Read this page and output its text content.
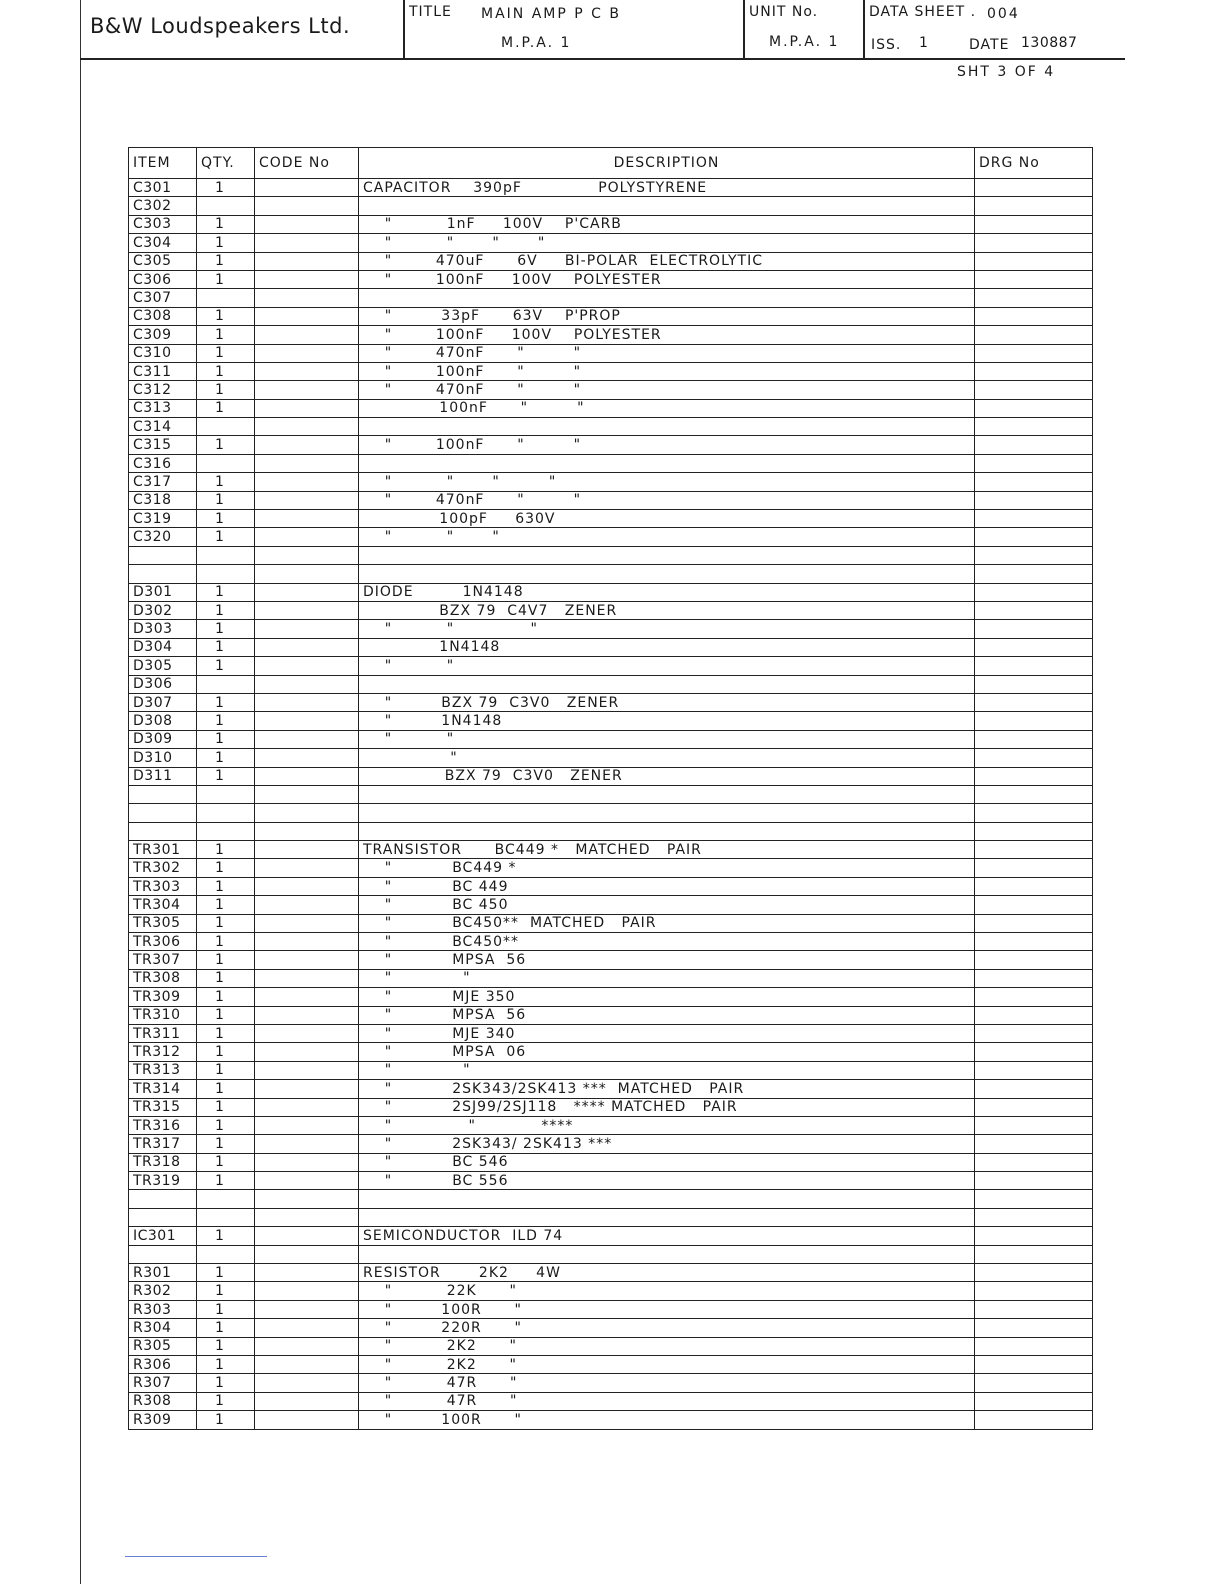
B&W Loudspeakers Ltd.
TITLE MAIN AMP P C B
M.P.A. 1
UNIT No.
M.P.A. 1
DATA SHEET . 004
ISS. 1	DATE 130887
SHT 3 OF 4
ITEM	QTY.	CODE No	DESCRIPTION	DRG No
C301	1		CAPACITOR    390pF              POLYSTYRENE	
C302				
C303	1		"          1nF     100V    P'CARB	
C304	1		"          "       "       "	
C305	1		"        470uF      6V     BI-POLAR  ELECTROLYTIC	
C306	1		"        100nF     100V    POLYESTER	
C307				
C308	1		"         33pF      63V    P'PROP	
C309	1		"        100nF     100V    POLYESTER	
C310	1		"        470nF      "         "	
C311	1		"        100nF      "         "	
C312	1		"        470nF      "         "	
C313	1		100nF      "         "	
C314				
C315	1		"        100nF      "         "	
C316				
C317	1		"          "       "         "	
C318	1		"        470nF      "         "	
C319	1		100pF     630V	
C320	1		"          "       "	

D301	1		DIODE         1N4148	
D302	1		BZX 79  C4V7   ZENER	
D303	1		"          "              "	
D304	1		1N4148	
D305	1		"          "	
D306				
D307	1		"         BZX 79  C3V0   ZENER	
D308	1		"         1N4148	
D309	1		"          "	
D310	1		"	
D311	1		BZX 79  C3V0   ZENER	

TR301	1		TRANSISTOR      BC449 *   MATCHED   PAIR	
TR302	1		"           BC449 *	
TR303	1		"           BC 449	
TR304	1		"           BC 450	
TR305	1		"           BC450**  MATCHED   PAIR	
TR306	1		"           BC450**	
TR307	1		"           MPSA  56	
TR308	1		"             "	
TR309	1		"           MJE 350	
TR310	1		"           MPSA  56	
TR311	1		"           MJE 340	
TR312	1		"           MPSA  06	
TR313	1		"             "	
TR314	1		"           2SK343/2SK413 ***  MATCHED   PAIR	
TR315	1		"           2SJ99/2SJ118   **** MATCHED   PAIR	
TR316	1		"              "            ****	
TR317	1		"           2SK343/ 2SK413 ***	
TR318	1		"           BC 546	
TR319	1		"           BC 556	

IC301	1		SEMICONDUCTOR  ILD 74	

R301	1		RESISTOR       2K2     4W	
R302	1		"          22K      "	
R303	1		"         100R      "	
R304	1		"         220R      "	
R305	1		"          2K2      "	
R306	1		"          2K2      "	
R307	1		"          47R      "	
R308	1		"          47R      "	
R309	1		"         100R      "	
